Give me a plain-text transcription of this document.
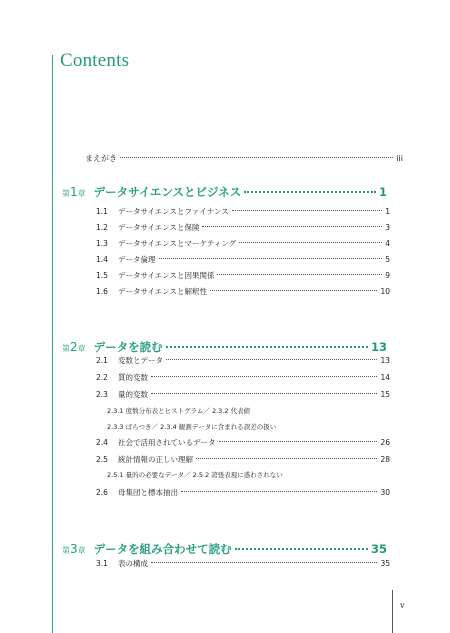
Contents
まえがき	iii
第1章 データサイエンスとビジネス	1
1.1 データサイエンスとファイナンス	1
1.2 データサイエンスと保険	3
1.3 データサイエンスとマーケティング	4
1.4 データ倫理	5
1.5 データサイエンスと因果関係	9
1.6 データサイエンスと解釈性	10
第2章 データを読む	13
2.1 変数とデータ	13
2.2 質的変数	14
2.3 量的変数	15
2.3.1 度数分布表とヒストグラム／ 2.3.2 代表値
2.3.3 ばらつき／ 2.3.4 観測データに含まれる誤差の扱い
2.4 社会で活用されているデータ	26
2.5 統計情報の正しい理解	28
2.5.1 量的の必要なデータ／ 2.5.2 誇張表現に惑わされない
2.6 母集団と標本抽出	30
第3章 データを組み合わせて読む	35
3.1 表の構成	35
v
